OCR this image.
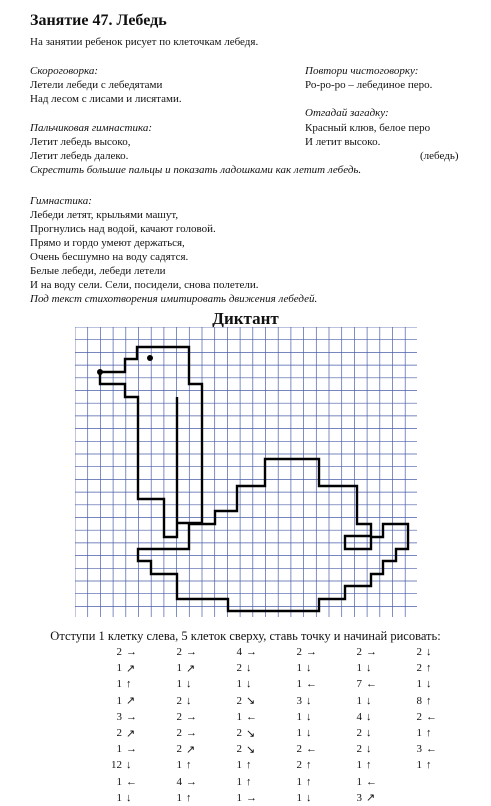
Занятие 47. Лебедь
На занятии ребенок рисует по клеточкам лебедя.
Скороговорка:
Летели лебеди с лебедятами
Над лесом с лисами и лисятами.
Повтори чистоговорку:
Ро-ро-ро – лебединое перо.
Отгадай загадку:
Красный клюв, белое перо
И летит высоко.
(лебедь)
Пальчиковая гимнастика:
Летит лебедь высоко,
Летит лебедь далеко.
Скрестить большие пальцы и показать ладошками как летит лебедь.
Гимнастика:
Лебеди летят, крыльями машут,
Прогнулись над водой, качают головой.
Прямо и гордо умеют держаться,
Очень бесшумно на воду садятся.
Белые лебеди, лебеди летели
И на воду сели. Сели, посидели, снова полетели.
Под текст стихотворения имитировать движения лебедей.
Диктант
Отступи 1 клетку слева, 5 клеток сверху, ставь точку и начинай рисовать:
2	→	2	→	4	→	2	→	2	→	2	↓
1	↗	1	↗	2	↓	1	↓	1	↓	2	↑
1	↑	1	↓	1	↓	1	←	7	←	1	↓
1	↗	2	↓	2	↘	3	↓	1	↓	8	↑
3	→	2	→	1	←	1	↓	4	↓	2	←
2	↗	2	→	2	↘	1	↓	2	↓	1	↑
1	→	2	↗	2	↘	2	←	2	↓	3	←
12	↓	1	↑	1	↑	2	↑	1	↑	1	↑
1	←	4	→	1	↑	1	↑	1	←		
1	↓	1	↑	1	→	1	↓	3	↗		
